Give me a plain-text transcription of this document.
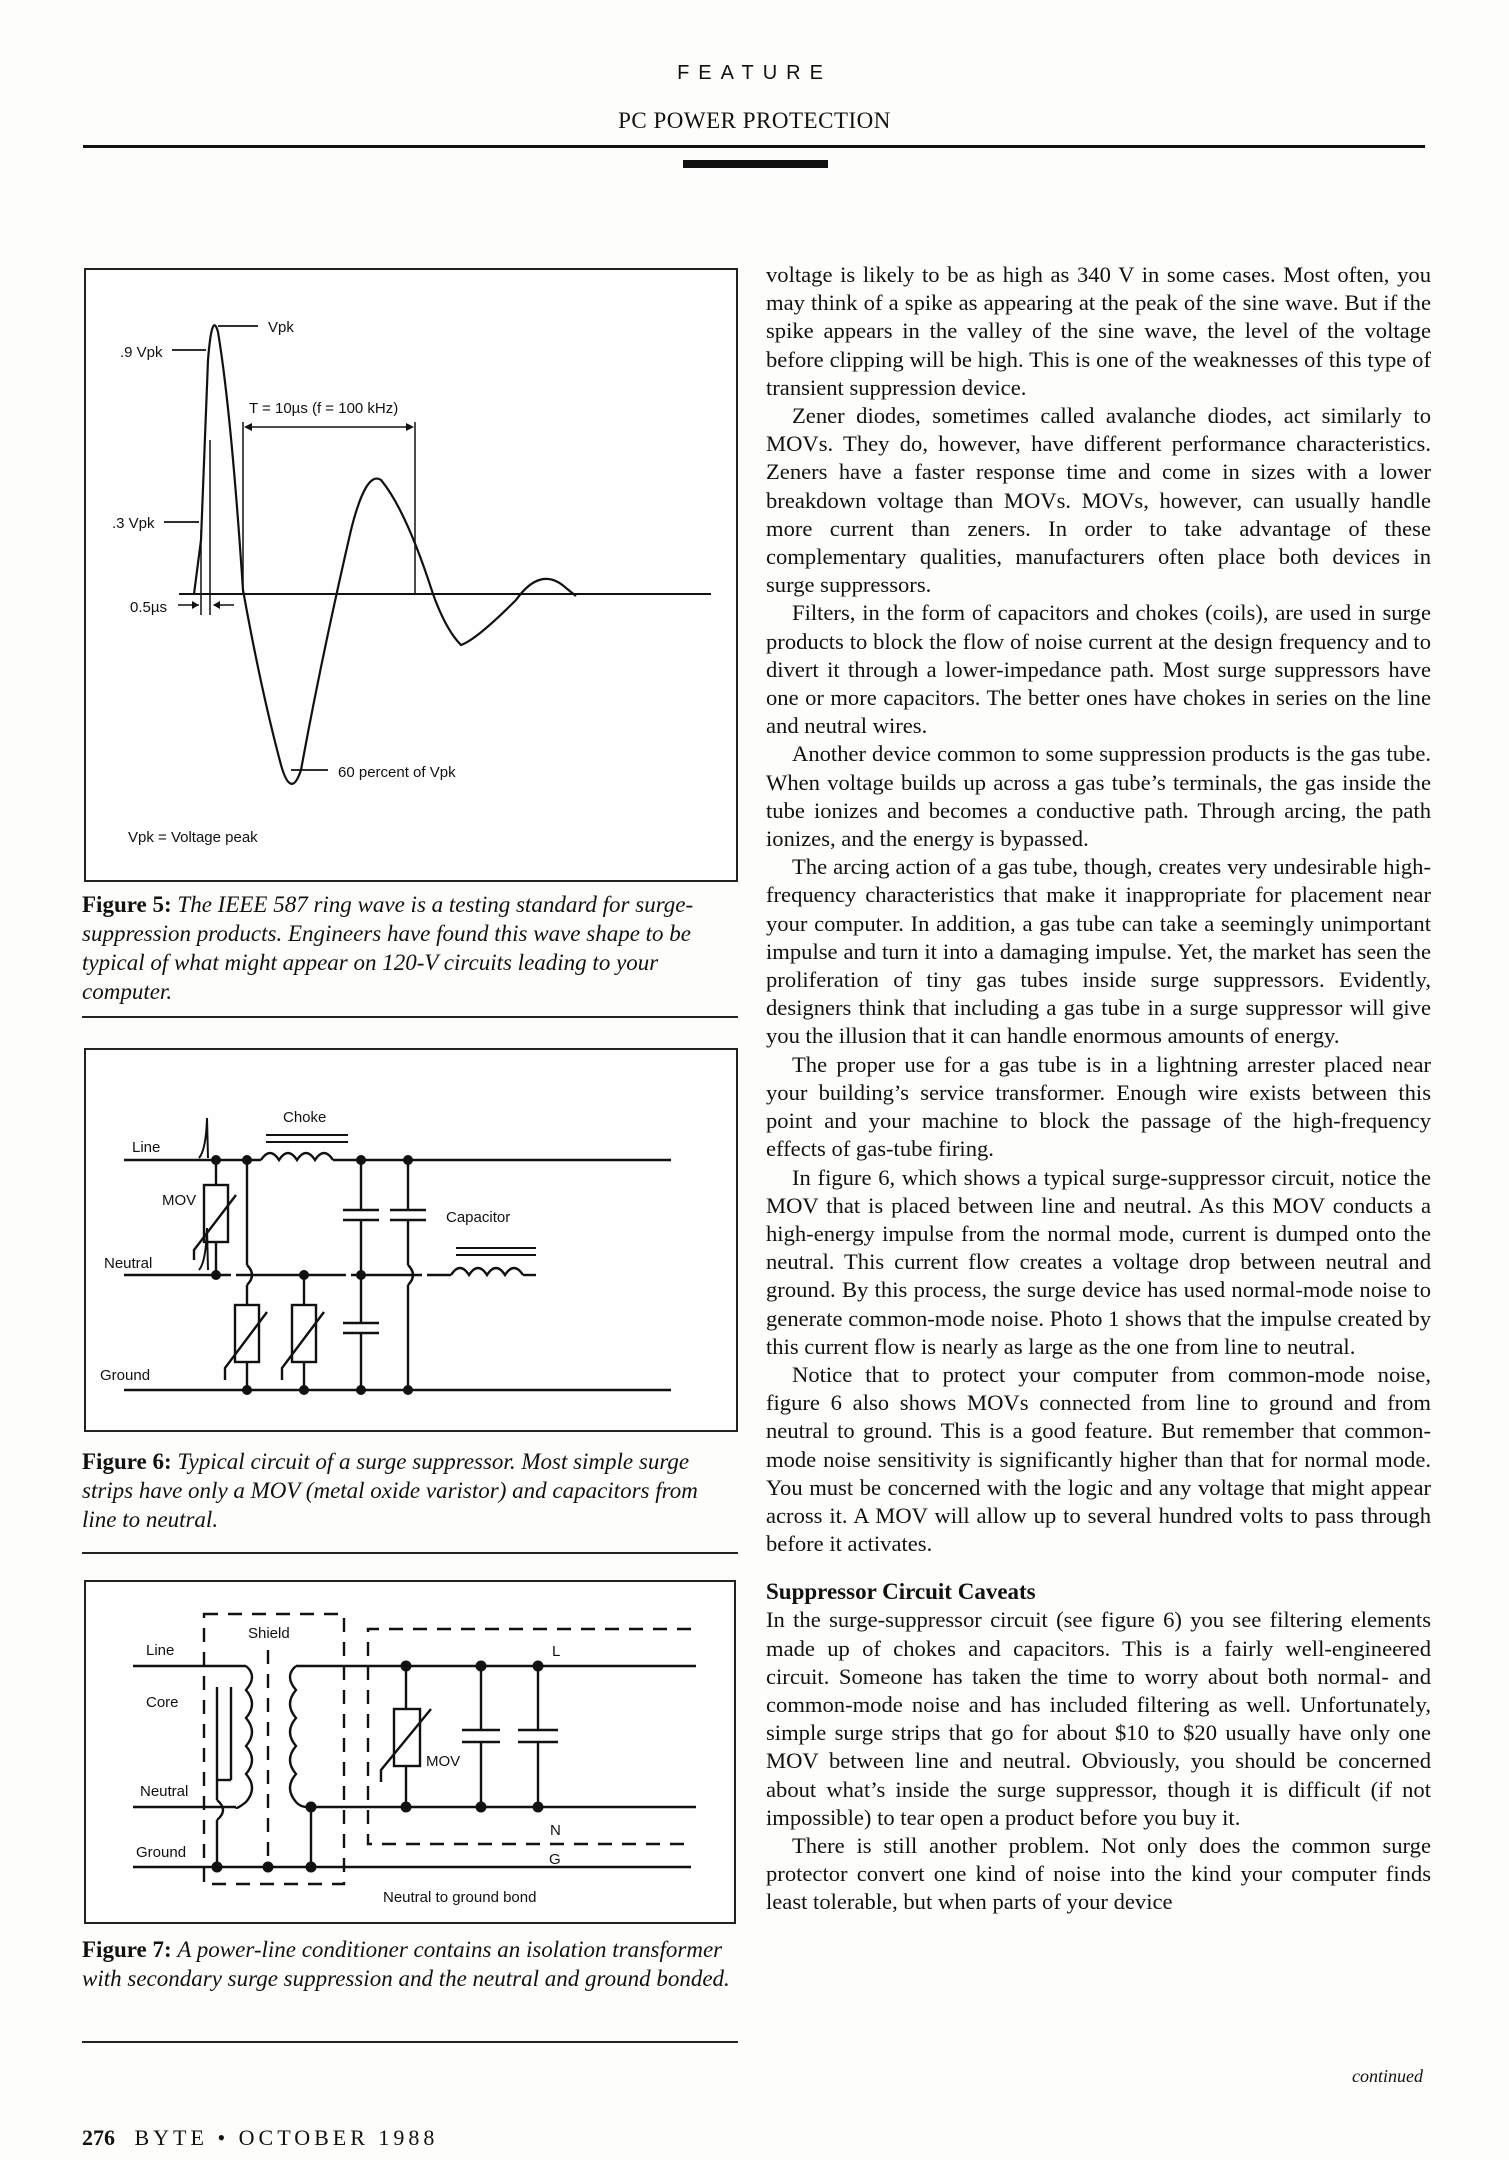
FEATURE
PC POWER PROTECTION
.9 Vpk
Vpk
.3 Vpk
0.5µs
T = 10µs (f = 100 kHz)
60 percent of Vpk
Vpk = Voltage peak
Figure 5: The IEEE 587 ring wave is a testing standard for surge-suppression products. Engineers have found this wave shape to be typical of what might appear on 120-V circuits leading to your computer.
Line
Neutral
Ground
MOV
Choke
Capacitor
Figure 6: Typical circuit of a surge suppressor. Most simple surge strips have only a MOV (metal oxide varistor) and capacitors from line to neutral.
Line
Core
Neutral
Ground
Shield
MOV
L
N
G
Neutral to ground bond
Figure 7: A power-line conditioner contains an isolation transformer with secondary surge suppression and the neutral and ground bonded.

voltage is likely to be as high as 340 V in some cases. Most often, you may think of a spike as appearing at the peak of the sine wave. But if the spike appears in the valley of the sine wave, the level of the voltage before clipping will be high. This is one of the weaknesses of this type of transient suppression device.

Zener diodes, sometimes called avalanche diodes, act similarly to MOVs. They do, however, have different performance characteristics. Zeners have a faster response time and come in sizes with a lower breakdown voltage than MOVs. MOVs, however, can usually handle more current than zeners. In order to take advantage of these complementary qualities, manufacturers often place both devices in surge suppressors.

Filters, in the form of capacitors and chokes (coils), are used in surge products to block the flow of noise current at the design frequency and to divert it through a lower-impedance path. Most surge suppressors have one or more capacitors. The better ones have chokes in series on the line and neutral wires.

Another device common to some suppression products is the gas tube. When voltage builds up across a gas tube’s terminals, the gas inside the tube ionizes and becomes a conductive path. Through arcing, the path ionizes, and the energy is bypassed.

The arcing action of a gas tube, though, creates very undesirable high-frequency characteristics that make it inappropriate for placement near your computer. In addition, a gas tube can take a seemingly unimportant impulse and turn it into a damaging impulse. Yet, the market has seen the proliferation of tiny gas tubes inside surge suppressors. Evidently, designers think that including a gas tube in a surge suppressor will give you the illusion that it can handle enormous amounts of energy.

The proper use for a gas tube is in a lightning arrester placed near your building’s service transformer. Enough wire exists between this point and your machine to block the passage of the high-frequency effects of gas-tube firing.

In figure 6, which shows a typical surge-suppressor circuit, notice the MOV that is placed between line and neutral. As this MOV conducts a high-energy impulse from the normal mode, current is dumped onto the neutral. This current flow creates a voltage drop between neutral and ground. By this process, the surge device has used normal-mode noise to generate common-mode noise. Photo 1 shows that the impulse created by this current flow is nearly as large as the one from line to neutral.

Notice that to protect your computer from common-mode noise, figure 6 also shows MOVs connected from line to ground and from neutral to ground. This is a good feature. But remember that common-mode noise sensitivity is significantly higher than that for normal mode. You must be concerned with the logic and any voltage that might appear across it. A MOV will allow up to several hundred volts to pass through before it activates.

Suppressor Circuit Caveats

In the surge-suppressor circuit (see figure 6) you see filtering elements made up of chokes and capacitors. This is a fairly well-engineered circuit. Someone has taken the time to worry about both normal- and common-mode noise and has included filtering as well. Unfortunately, simple surge strips that go for about $10 to $20 usually have only one MOV between line and neutral. Obviously, you should be concerned about what’s inside the surge suppressor, though it is difficult (if not impossible) to tear open a product before you buy it.

There is still another problem. Not only does the common surge protector convert one kind of noise into the kind your computer finds least tolerable, but when parts of your device

continued
276 BYTE • OCTOBER 1988
